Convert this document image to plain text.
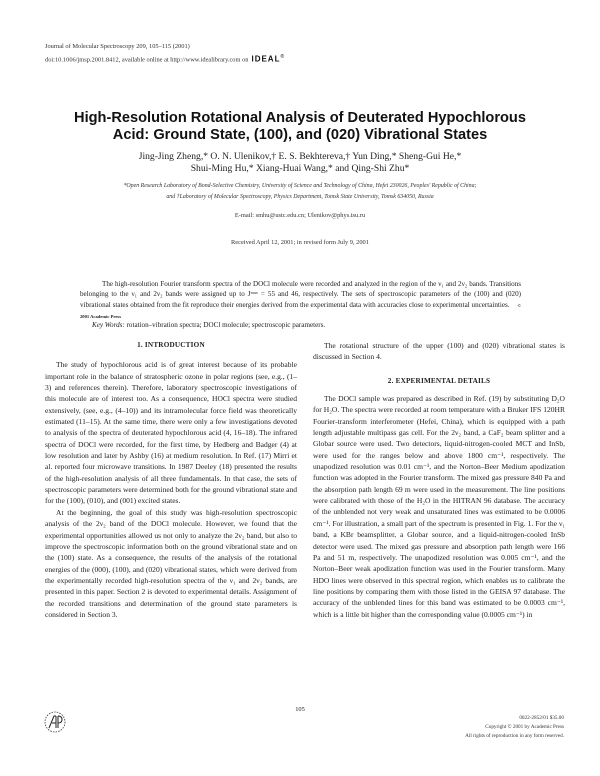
Journal of Molecular Spectroscopy 209, 105–115 (2001)
doi:10.1006/jmsp.2001.8412, available online at http://www.idealibrary.com on IDEAL®
High-Resolution Rotational Analysis of Deuterated Hypochlorous
Acid: Ground State, (100), and (020) Vibrational States
Jing-Jing Zheng,* O. N. Ulenikov,† E. S. Bekhtereva,† Yun Ding,* Sheng-Gui He,*
Shui-Ming Hu,* Xiang-Huai Wang,* and Qing-Shi Zhu*
*Open Research Laboratory of Bond-Selective Chemistry, University of Science and Technology of China, Hefei 230026, Peoples' Republic of China;
and †Laboratory of Molecular Spectroscopy, Physics Department, Tomsk State University, Tomsk 634050, Russia
E-mail: smhu@ustc.edu.cn; Ulenikov@phys.tsu.ru
Received April 12, 2001; in revised form July 9, 2001
The high-resolution Fourier transform spectra of the DOCl molecule were recorded and analyzed in the region of the ν₁ and 2ν₂ bands. Transitions belonging to the ν₁ and 2ν₂ bands were assigned up to Jᵐᵃˣ = 55 and 46, respectively. The sets of spectroscopic parameters of the (100) and (020) vibrational states obtained from the fit reproduce their energies derived from the experimental data with accuracies close to experimental uncertainties. © 2001 Academic Press
Key Words: rotation–vibration spectra; DOCl molecule; spectroscopic parameters.
1. INTRODUCTION

The study of hypochlorous acid is of great interest because of its probable important role in the balance of stratospheric ozone in polar regions (see, e.g., (1–3) and references therein). Therefore, laboratory spectroscopic investigations of this molecule are of interest too. As a consequence, HOCl spectra were studied extensively, (see, e.g., (4–10)) and its intramolecular force field was theoretically estimated (11–15). At the same time, there were only a few investigations devoted to analysis of the spectra of deuterated hypochlorous acid (4, 16–18). The infrared spectra of DOCl were recorded, for the first time, by Hedberg and Badger (4) at low resolution and later by Ashby (16) at medium resolution. In Ref. (17) Mirri et al. reported four microwave transitions. In 1987 Deeley (18) presented the results of the high-resolution analysis of all three fundamentals. In that case, the sets of spectroscopic parameters were determined both for the ground vibrational state and for the (100), (010), and (001) excited states.

At the beginning, the goal of this study was high-resolution spectroscopic analysis of the 2ν₂ band of the DOCl molecule. However, we found that the experimental opportunities allowed us not only to analyze the 2ν₂ band, but also to improve the spectroscopic information both on the ground vibrational state and on the (100) state. As a consequence, the results of the analysis of the rotational energies of the (000), (100), and (020) vibrational states, which were derived from the experimentally recorded high-resolution spectra of the ν₁ and 2ν₂ bands, are presented in this paper. Section 2 is devoted to experimental details. Assignment of the recorded transitions and determination of the ground state parameters is considered in Section 3.

The rotational structure of the upper (100) and (020) vibrational states is discussed in Section 4.

2. EXPERIMENTAL DETAILS

The DOCl sample was prepared as described in Ref. (19) by substituting D₂O for H₂O. The spectra were recorded at room temperature with a Bruker IFS 120HR Fourier-transform interferometer (Hefei, China), which is equipped with a path length adjustable multipass gas cell. For the 2ν₂ band, a CaF₂ beam splitter and a Globar source were used. Two detectors, liquid-nitrogen-cooled MCT and InSb, were used for the ranges below and above 1800 cm⁻¹, respectively. The unapodized resolution was 0.01 cm⁻¹, and the Norton–Beer Medium apodization function was adopted in the Fourier transform. The mixed gas pressure 840 Pa and the absorption path length 69 m were used in the measurement. The line positions were calibrated with those of the H₂O in the HITRAN 96 database. The accuracy of the unblended not very weak and unsaturated lines was estimated to be 0.0006 cm⁻¹. For illustration, a small part of the spectrum is presented in Fig. 1. For the ν₁ band, a KBr beamsplitter, a Globar source, and a liquid-nitrogen-cooled InSb detector were used. The mixed gas pressure and absorption path length were 166 Pa and 51 m, respectively. The unapodized resolution was 0.005 cm⁻¹, and the Norton–Beer weak apodization function was used in the Fourier transform. Many HDO lines were observed in this spectral region, which enables us to calibrate the line positions by comparing them with those listed in the GEISA 97 database. The accuracy of the unblended lines for this band was estimated to be 0.0003 cm⁻¹, which is a little bit higher than the corresponding value (0.0005 cm⁻¹) in

105
0022-2852/01 $35.00
Copyright © 2001 by Academic Press
All rights of reproduction in any form reserved.
